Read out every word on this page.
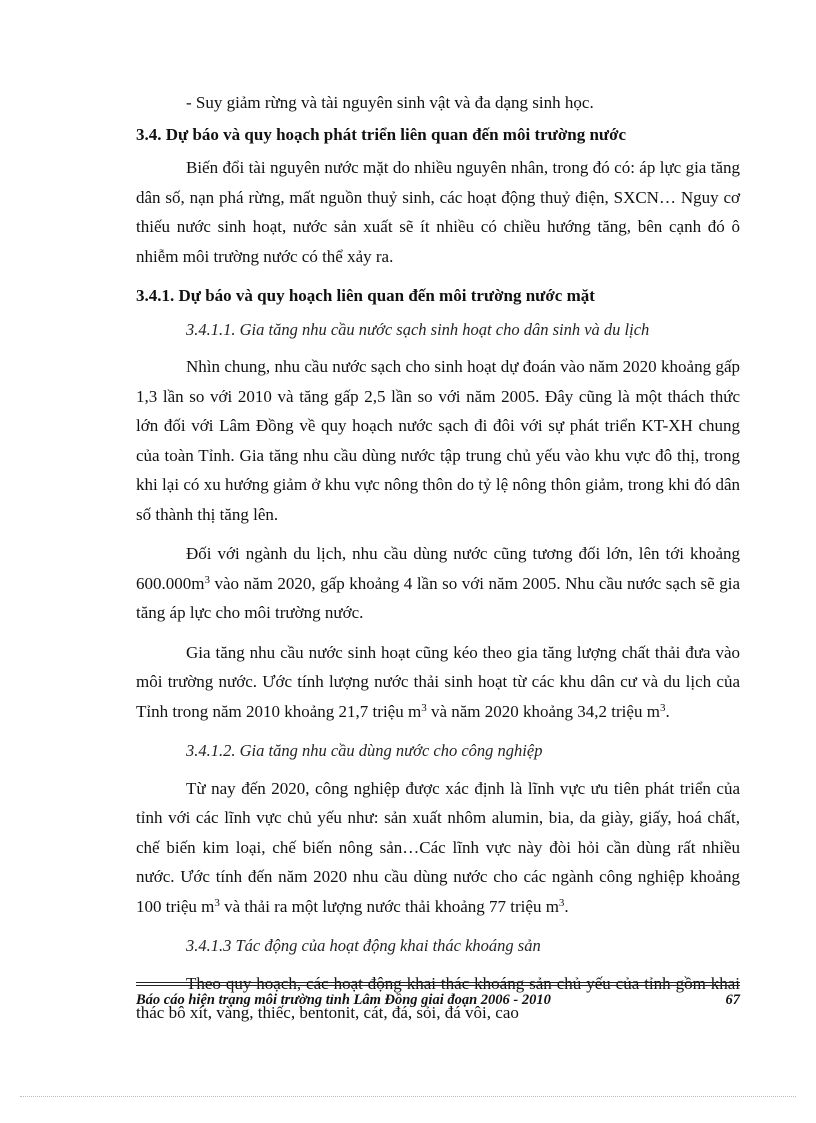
- Suy giảm rừng và tài nguyên sinh vật và đa dạng sinh học.

3.4. Dự báo và quy hoạch phát triển liên quan đến môi trường nước

Biến đổi tài nguyên nước mặt do nhiều nguyên nhân, trong đó có: áp lực gia tăng dân số, nạn phá rừng, mất nguồn thuỷ sinh, các hoạt động thuỷ điện, SXCN… Nguy cơ thiếu nước sinh hoạt, nước sản xuất sẽ ít nhiều có chiều hướng tăng, bên cạnh đó ô nhiễm môi trường nước có thể xảy ra.

3.4.1. Dự báo và quy hoạch liên quan đến môi trường nước mặt
3.4.1.1. Gia tăng nhu cầu nước sạch sinh hoạt cho dân sinh và du lịch

Nhìn chung, nhu cầu nước sạch cho sinh hoạt dự đoán vào năm 2020 khoảng gấp 1,3 lần so với 2010 và tăng gấp 2,5 lần so với năm 2005. Đây cũng là một thách thức lớn đối với Lâm Đồng về quy hoạch nước sạch đi đôi với sự phát triển KT-XH chung của toàn Tỉnh. Gia tăng nhu cầu dùng nước tập trung chủ yếu vào khu vực đô thị, trong khi lại có xu hướng giảm ở khu vực nông thôn do tỷ lệ nông thôn giảm, trong khi đó dân số thành thị tăng lên.

Đối với ngành du lịch, nhu cầu dùng nước cũng tương đối lớn, lên tới khoảng $600.000m^3$ vào năm 2020, gấp khoảng 4 lần so với năm 2005. Nhu cầu nước sạch sẽ gia tăng áp lực cho môi trường nước.

Gia tăng nhu cầu nước sinh hoạt cũng kéo theo gia tăng lượng chất thải đưa vào môi trường nước. Ước tính lượng nước thải sinh hoạt từ các khu dân cư và du lịch của Tỉnh trong năm 2010 khoảng 21,7 triệu $m^3$ và năm 2020 khoảng 34,2 triệu $m^3$.

3.4.1.2. Gia tăng nhu cầu dùng nước cho công nghiệp

Từ nay đến 2020, công nghiệp được xác định là lĩnh vực ưu tiên phát triển của tỉnh với các lĩnh vực chủ yếu như: sản xuất nhôm alumin, bia, da giày, giấy, hoá chất, chế biến kim loại, chế biến nông sản…Các lĩnh vực này đòi hỏi cần dùng rất nhiều nước. Ước tính đến năm 2020 nhu cầu dùng nước cho các ngành công nghiệp khoảng 100 triệu $m^3$ và thải ra một lượng nước thải khoảng 77 triệu $m^3$.

3.4.1.3 Tác động của hoạt động khai thác khoáng sản

Theo quy hoạch, các hoạt động khai thác khoáng sản chủ yếu của tỉnh gồm khai thác bô xít, vàng, thiếc, bentonit, cát, đá, sỏi, đá vôi, cao

Báo cáo hiện trạng môi trường tỉnh Lâm Đồng giai đoạn 2006 - 2010	67
